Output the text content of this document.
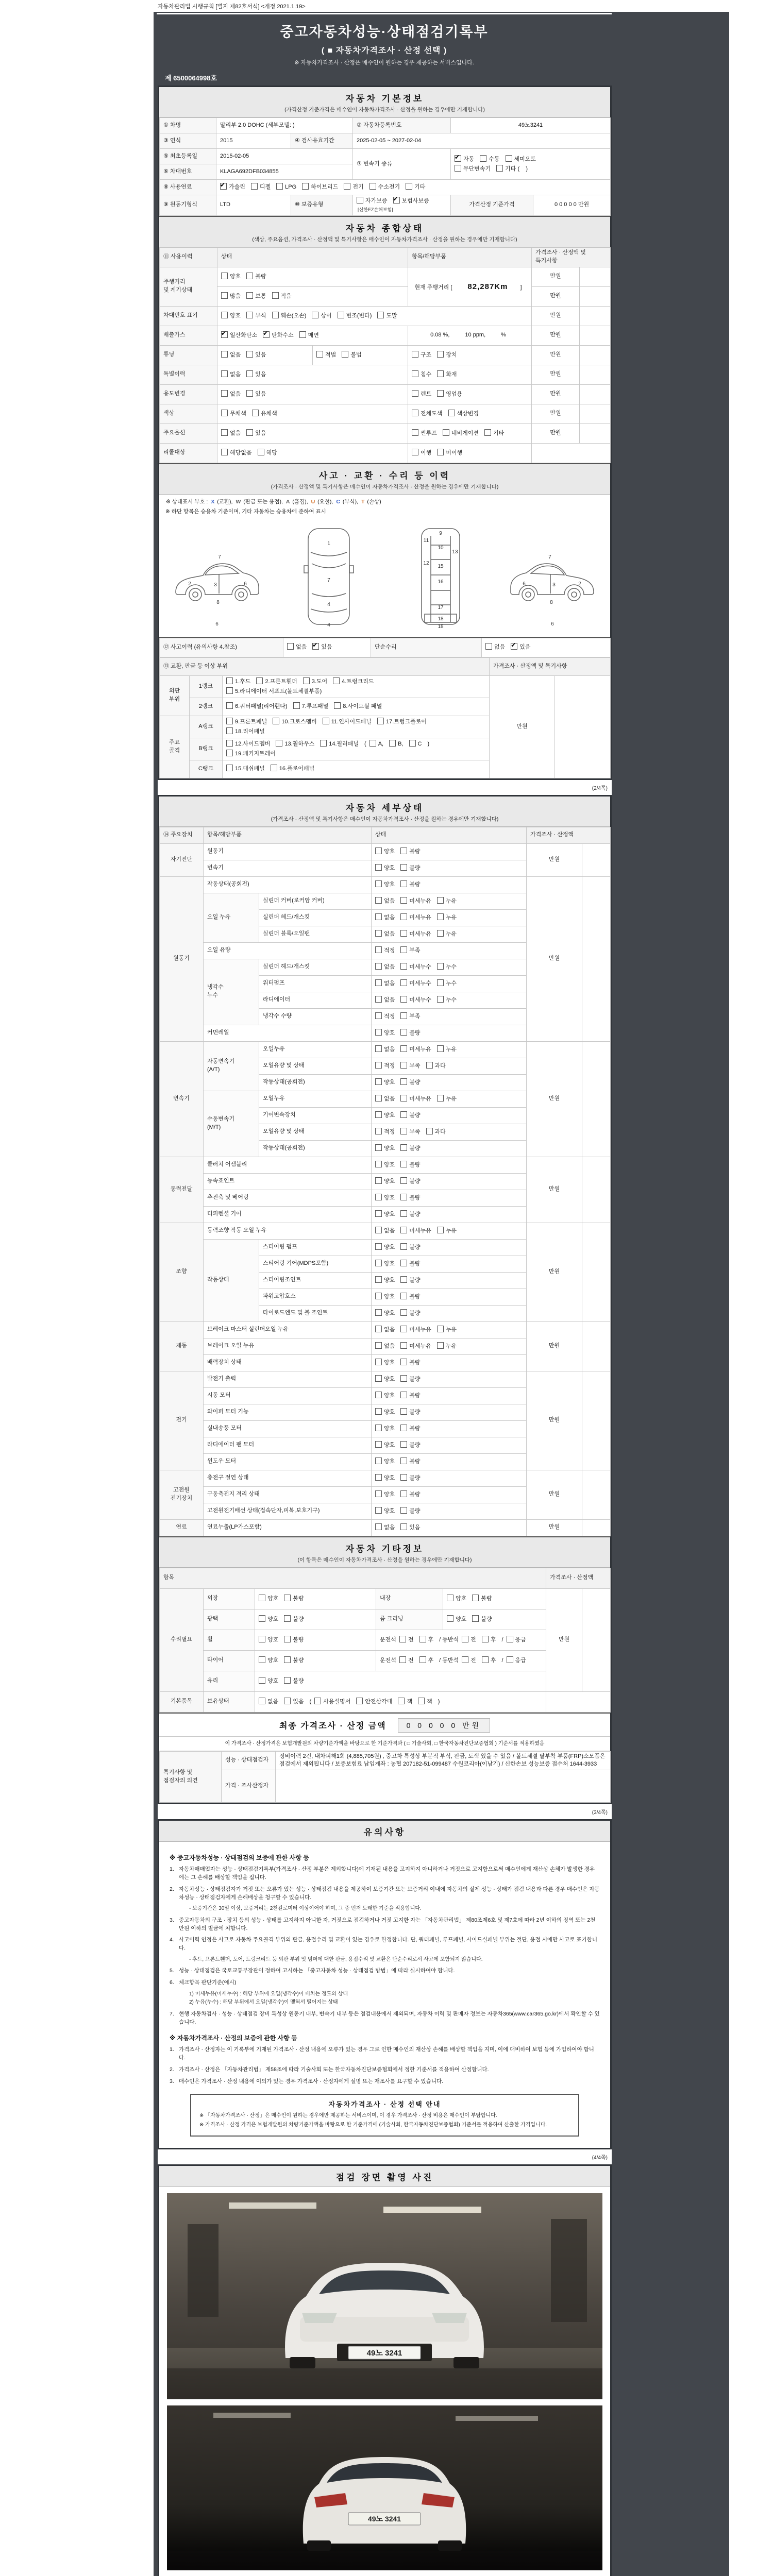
자동차관리법 시행규칙 [별지 제82호서식] <개정 2021.1.19>
중고자동차성능·상태점검기록부
( ■ 자동차가격조사 · 산정 선택 )
※ 자동차가격조사 · 산정은 매수인이 원하는 경우 제공하는 서비스입니다.
제 6500064998호
자동차 기본정보
(가격산정 기준가격은 매수인이 자동차가격조사 · 산정을 원하는 경우에만 기재합니다)
① 차명	말리부 2.0 DOHC (세부모델: )		② 자동차등록번호	49노3241	
③ 연식	2015	④ 검사유효기간	2025-02-05 ~ 2027-02-04		
⑤ 최초등록일	2015-02-05		⑦ 변속기 종류	✔자동 수동 세미오토
무단변속기 기타 (    )
⑥ 차대번호	KLAGA692DFB034855				
⑧ 사용연료	✔가솔린 디젤 LPG 하이브리드 전기 수소전기 기타
⑨ 원동기형식	LTD	⑩ 보증유형	자가보증 ✔ 보험사보증[신한EZ손해보험]	가격산정 기준가격	0 0 0 0 0 만원
자동차 종합상태
(색상, 주요옵션, 가격조사 · 산정액 및 특기사항은 매수인이 자동차가격조사 · 산정을 원하는 경우에만 기재합니다)
⑪ 사용이력	상태		항목/해당부품	가격조사 · 산정액 및 특기사항	
주행거리
및 계기상태	양호 불량		현재 주행거리 [82,287Km]	만원	
	많음 보통 적음			만원	
차대번호 표기	양호 부식 훼손(오손) 상이 변조(변타) 도말			만원	
배출가스	✔일산화탄소 ✔ 탄화수소 매연		0.08 %, 10 ppm, %	만원	
튜닝	없음 있음	적법 불법	구조 장치	만원	
특별이력	없음 있음		침수 화재	만원	
용도변경	없음 있음		렌트 영업용	만원	
색상	무채색 유채색		전체도색 색상변경	만원	
주요옵션	없음 있음		썬루프 네비게이션 기타	만원	
리콜대상	해당없음 해당		이행 미이행		
사고 · 교환 · 수리 등 이력
(가격조사 · 산정액 및 특기사항은 매수인이 자동차가격조사 · 산정을 원하는 경우에만 기재합니다)
※ 상태표시 부호 : X (교환), W (판금 또는 용접), A (흠집), U (요철), C (부식), T (손상)
※ 하단 항목은 승용차 기준이며, 기타 자동차는 승용차에 준하여 표시
2	3	6
7
8
6
1
7
4
4
9
10
11
12
13
15
16
17
18
18
2
3
6
7
8
6
⑫ 사고이력 (유의사항 4.참조)	없음 ✔	있음	단순수리	없음 ✔	있음
⑬ 교환, 판금 등 이상 부위			가격조사 · 산정액 및 특기사항	
외판
부위	1랭크	1.후드 2.프론트휀더 3.도어 4.트렁크리드
5.라디에이터 서포트(볼트체결부품)	만원	
	2랭크	6.쿼터패널(리어휀다) 7.루프패널 8.사이드실 패널		
주요
골격	A랭크	9.프론트패널 10.크로스멤버 11.인사이드패널 17.트렁크플로어
18.리어패널		
	B랭크	12.사이드멤버 13.휠하우스 14.필러패널 ( A, B, C )
19.패키지트레이		
	C랭크	15.대쉬패널 16.플로어패널		
(2/4쪽)
자동차 세부상태
(가격조사 · 산정액 및 특기사항은 매수인이 자동차가격조사 · 산정을 원하는 경우에만 기재합니다)
⑭ 주요장치	항목/해당부품		상태	가격조사 · 산정액	
자기진단	원동기		양호 불량	만원	
	변속기		양호 불량		
원동기	작동상태(공회전)		양호 불량	만원	
	오일 누유	실린더 커버(로커암 커버)	없음 미세누유 누유		
		실린더 헤드/개스킷	없음 미세누유 누유		
		실린더 블록/오일팬	없음 미세누유 누유		
	오일 유량		적정 부족		
	냉각수
누수	실린더 헤드/개스킷	없음 미세누수 누수		
		워터펌프	없음 미세누수 누수		
		라디에이터	없음 미세누수 누수		
		냉각수 수량	적정 부족		
	커먼레일		양호 불량		
변속기	자동변속기
(A/T)	오일누유	없음 미세누유 누유	만원	
		오일유량 및 상태	적정 부족 과다		
		작동상태(공회전)	양호 불량		
	수동변속기
(M/T)	오일누유	없음 미세누유 누유		
		기어변속장치	양호 불량		
		오일유량 및 상태	적정 부족 과다		
		작동상태(공회전)	양호 불량		
동력전달	클러치 어셈블리		양호 불량	만원	
	등속죠인트		양호 불량		
	추진축 및 베어링		양호 불량		
	디퍼렌셜 기어		양호 불량		
조향	동력조향 작동 오일 누유		없음 미세누유 누유	만원	
	작동상태	스티어링 펌프	양호 불량		
		스티어링 기어(MDPS포함)	양호 불량		
		스티어링조인트	양호 불량		
		파워고압호스	양호 불량		
		타이로드엔드 및 볼 조인트	양호 불량		
제동	브레이크 마스터 실린더오일 누유		없음 미세누유 누유	만원	
	브레이크 오일 누유		없음 미세누유 누유		
	배력장치 상태		양호 불량		
전기	발전기 출력		양호 불량	만원	
	시동 모터		양호 불량		
	와이퍼 모터 기능		양호 불량		
	실내송풍 모터		양호 불량		
	라디에이터 팬 모터		양호 불량		
	윈도우 모터		양호 불량		
고전원
전기장치	충전구 절연 상태		양호 불량	만원	
	구동축전지 격리 상태		양호 불량		
	고전원전기배선 상태(접속단자,피복,보호기구)		양호 불량		
연료	연료누출(LP가스포함)		없음 있음	만원	
자동차 기타정보
(이 항목은 매수인이 자동차가격조사 · 산정을 원하는 경우에만 기재합니다)
항목					가격조사 · 산정액	
수리필요	외장	양호 불량	내장	양호 불량	만원	
	광택	양호 불량	룸 크리닝	양호 불량		
	휠	양호 불량	운전석 전 후 / 동반석 전 후 / 응급			
	타이어	양호 불량	운전석 전 후 / 동반석 전 후 / 응급			
	유리	양호 불량				
기본품목	보유상태	없음 있음 ( 사용설명서 안전삼각대 잭 잭 )				
최종 가격조사 · 산정 금액	0 0 0 0 0 만원
이 가격조사 · 산정가격은 보험개발원의 차량기준가액을 바탕으로 한 기준가격과 ( □ 기술사회, □ 한국자동차진단보증협회 ) 기준서를 적용하였음
특기사항 및
점검자의 의견	성능 · 상태점검자	정비이력 2건, 내차피해1회 (4,885,705원) , 중고차 특성상 부분적 부식, 판금, 도색 있을 수 있음 / 볼트체결 탈부착 부품(FRP)소모품은 점검에서 제외됩니다 / 보증보험료 납입계좌 : 농협 207182-51-099487 수원코리아(이남기) / 신한손보 성능보증 접수처 1644-3933
	가격 · 조사산정자	
(3/4쪽)
유의사항
※ 중고자동차성능 · 상태점검의 보증에 관한 사항 등
1. 자동차매매업자는 성능 · 상태점검기록부(가격조사 · 산정 부분은 제외합니다)에 기재된 내용을 고지하지 아니하거나 거짓으로 고지함으로써 매수인에게 재산상 손해가 발생한 경우에는 그 손해를 배상할 책임을 집니다.
2. 자동차성능 · 상태점검자가 거짓 또는 오류가 있는 성능 · 상태점검 내용을 제공하여 보증기간 또는 보증거리 이내에 자동차의 실제 성능 · 상태가 점검 내용과 다른 경우 매수인은 자동차성능 · 상태점검자에게 손해배상을 청구할 수 있습니다.
- 보증기간은 30일 이상, 보증거리는 2천킬로미터 이상이어야 하며, 그 중 먼저 도래한 기준을 적용합니다.
3. 중고자동차의 구조 · 장치 등의 성능 · 상태를 고지하지 아니한 자, 거짓으로 점검하거나 거짓 고지한 자는 「자동차관리법」 제80조제6호 및 제7호에 따라 2년 이하의 징역 또는 2천만원 이하의 벌금에 처합니다.
4. 사고이력 인정은 사고로 자동차 주요골격 부위의 판금, 용접수리 및 교환이 있는 경우로 한정합니다. 단, 쿼터패널, 루프패널, 사이드실패널 부위는 절단, 용접 시에만 사고로 표기합니다.
- 후드, 프론트휀더, 도어, 트렁크리드 등 외판 부위 및 범퍼에 대한 판금, 용접수리 및 교환은 단순수리로서 사고에 포함되지 않습니다.
5. 성능 · 상태점검은 국토교통부장관이 정하여 고시하는 「중고자동차 성능 · 상태점검 방법」에 따라 실시하여야 합니다.
6. 체크항목 판단기준(예시)
1) 미세누유(미세누수) : 해당 부위에 오일(냉각수)이 비치는 정도의 상태
2) 누유(누수) : 해당 부위에서 오일(냉각수)이 맺혀서 떨어지는 상태
7. 현행 자동차검사 · 성능 · 상태점검 장비 특성상 원동기 내부, 변속기 내부 등은 점검내용에서 제외되며, 자동차 이력 및 판매자 정보는 자동차365(www.car365.go.kr)에서 확인할 수 있습니다.
※ 자동차가격조사 · 산정의 보증에 관한 사항 등
1. 가격조사 · 산정자는 이 기록부에 기재된 가격조사 · 산정 내용에 오류가 있는 경우 그로 인한 매수인의 재산상 손해를 배상할 책임을 지며, 이에 대비하여 보험 등에 가입하여야 합니다.
2. 가격조사 · 산정은 「자동차관리법」 제58조에 따라 기술사회 또는 한국자동차진단보증협회에서 정한 기준서를 적용하여 산정합니다.
3. 매수인은 가격조사 · 산정 내용에 이의가 있는 경우 가격조사 · 산정자에게 설명 또는 재조사를 요구할 수 있습니다.
자동차가격조사 · 산정 선택 안내
※ 「자동차가격조사 · 산정」은 매수인이 원하는 경우에만 제공하는 서비스이며, 이 경우 가격조사 · 산정 비용은 매수인이 부담합니다.
※ 가격조사 · 산정 가격은 보험개발원의 차량기준가액을 바탕으로 한 기준가격에 (기술사회, 한국자동차진단보증협회) 기준서를 적용하여 산출한 가격입니다.
(4/4쪽)
점검 장면 촬영 사진
49노 3241
49노 3241
